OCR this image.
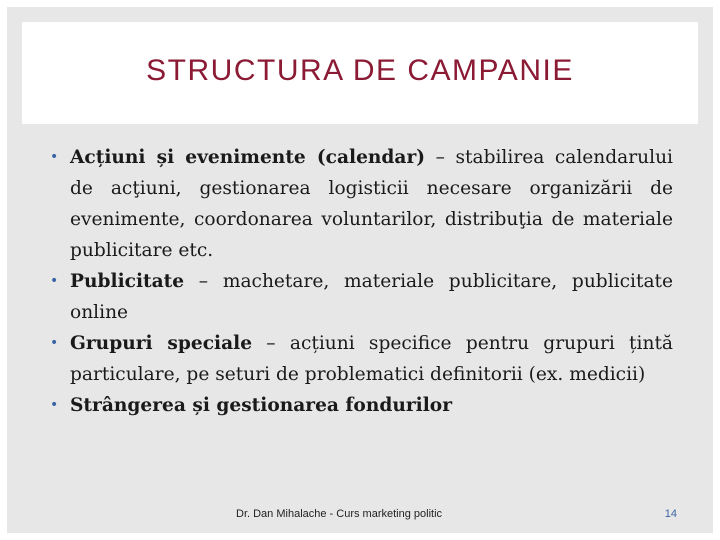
STRUCTURA DE CAMPANIE
• Acțiuni și evenimente (calendar) – stabilirea calendarului de acţiuni, gestionarea logisticii necesare organizării de evenimente, coordonarea voluntarilor, distribuţia de materiale publicitare etc.
• Publicitate – machetare, materiale publicitare, publicitate online
• Grupuri speciale – acțiuni specifice pentru grupuri țintă particulare, pe seturi de problematici definitorii (ex. medicii)
• Strângerea și gestionarea fondurilor
Dr. Dan Mihalache - Curs marketing politic	14
